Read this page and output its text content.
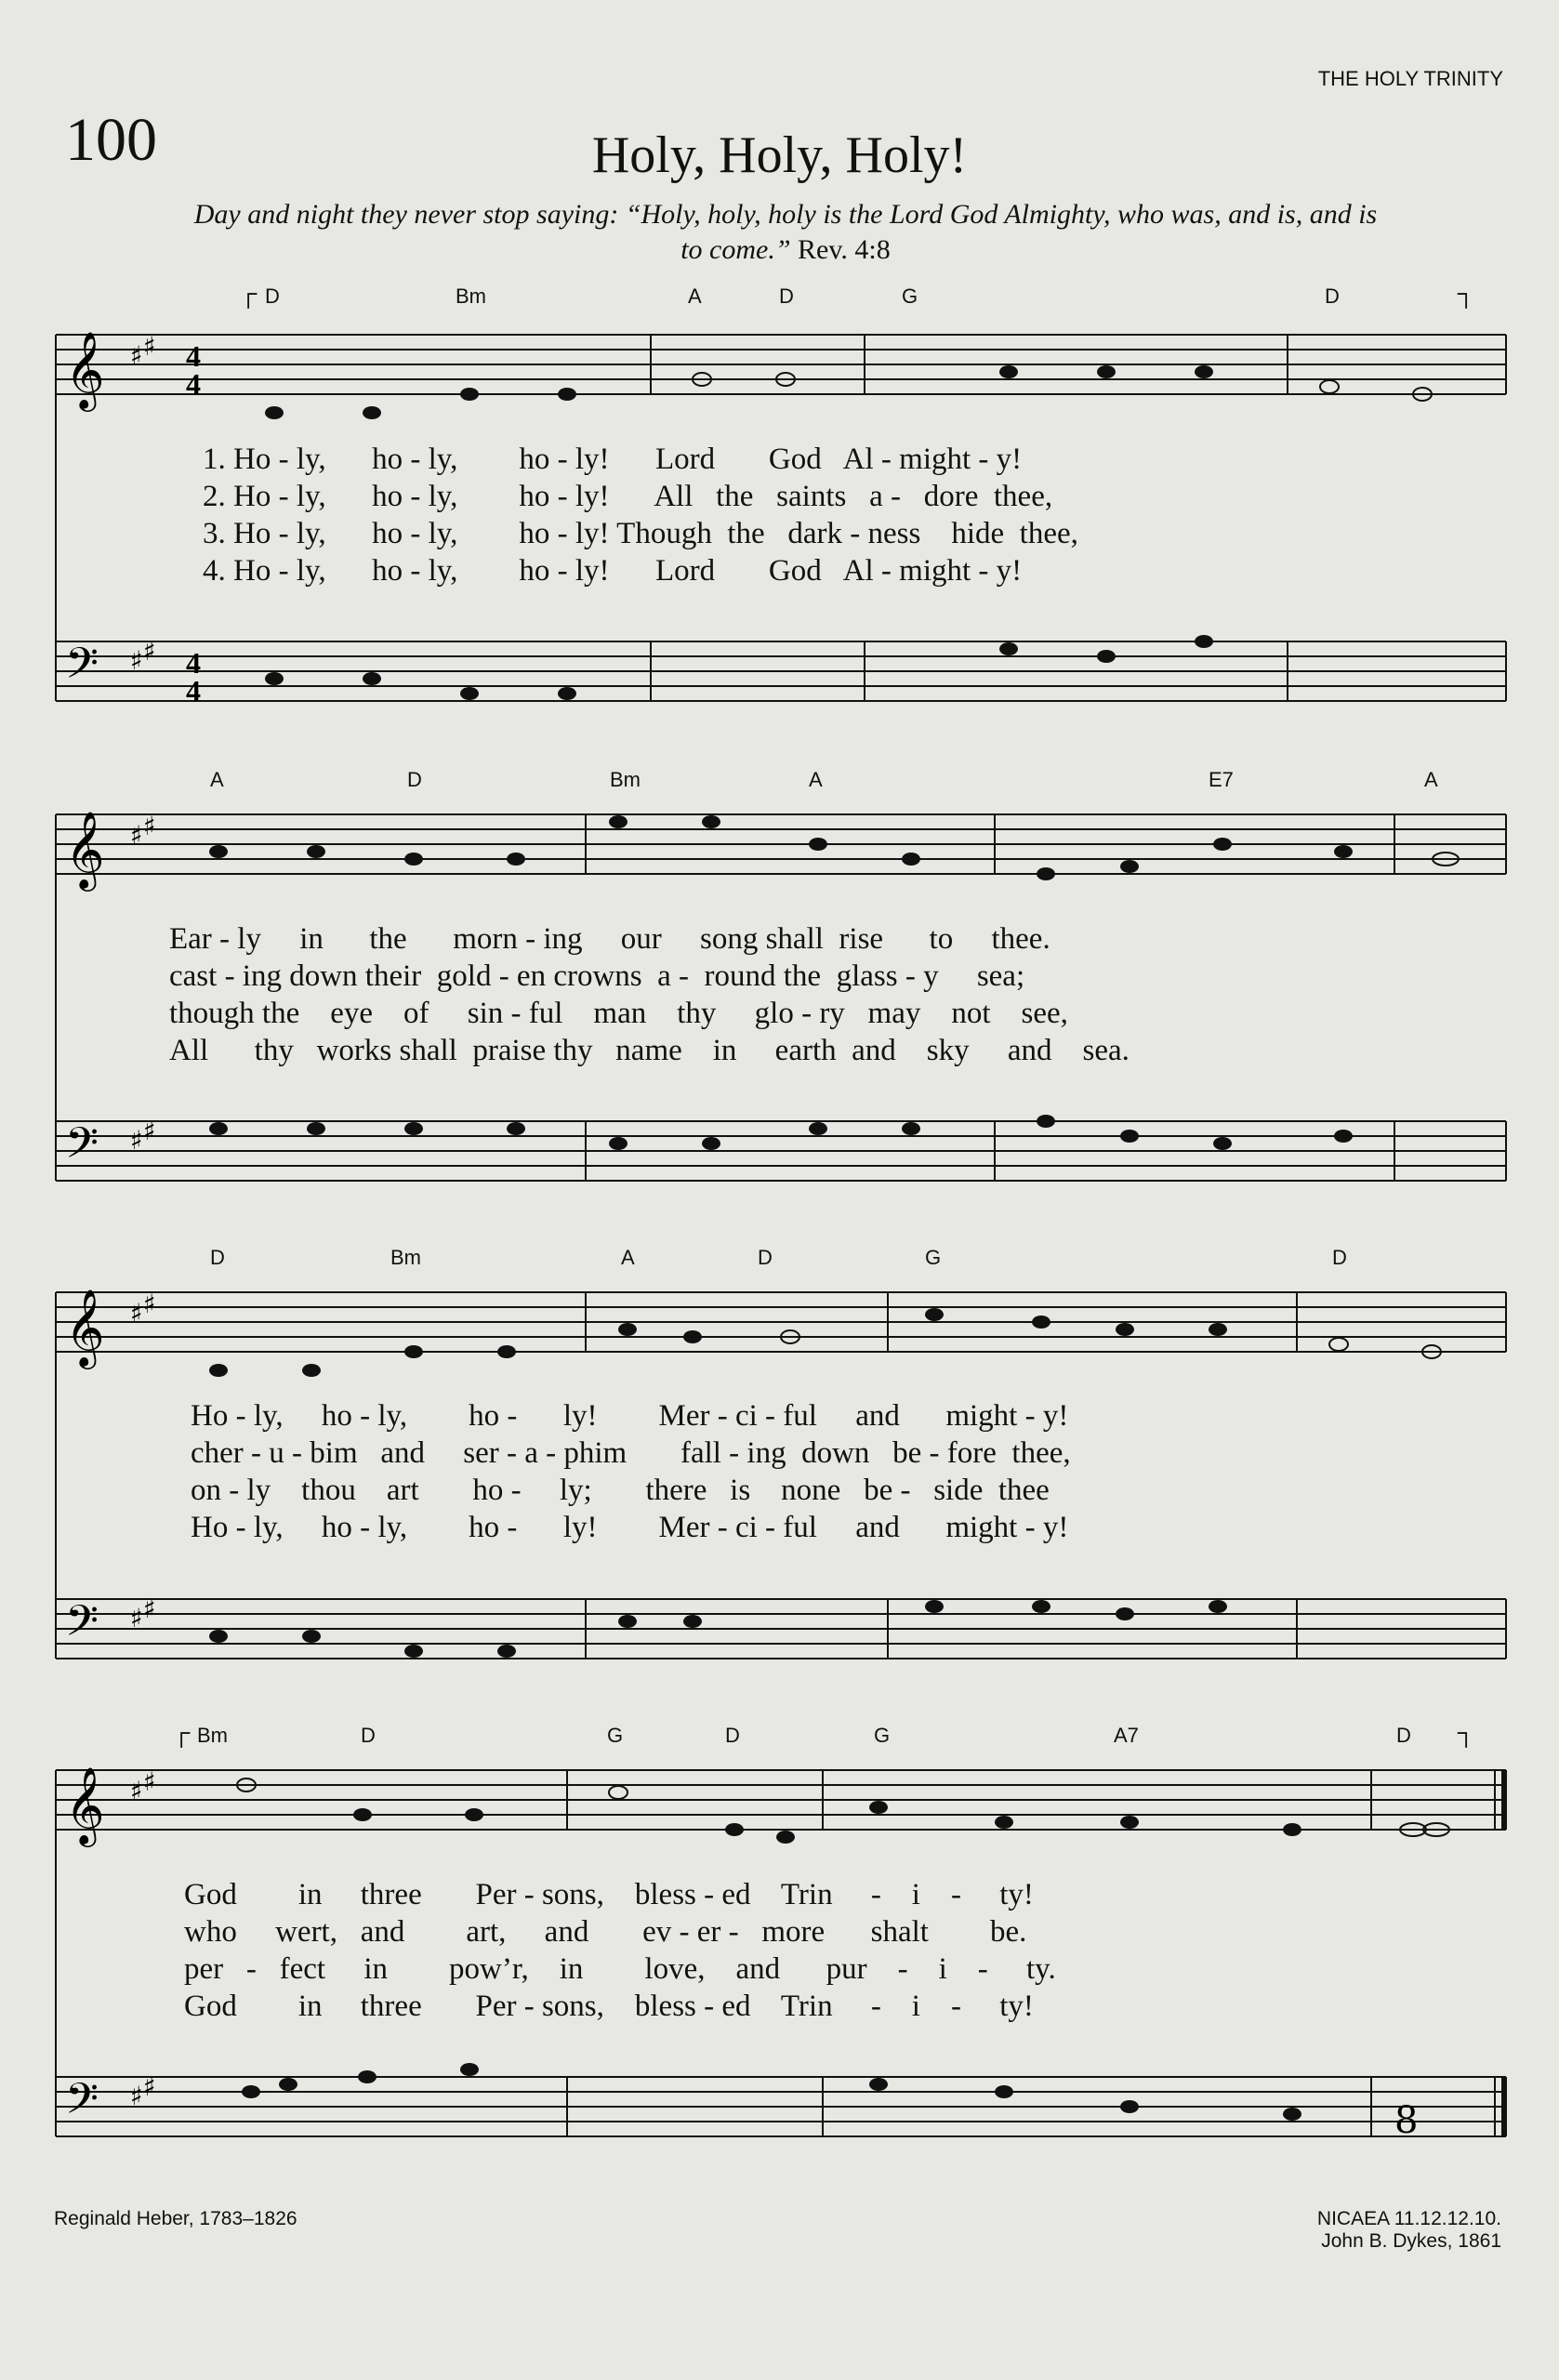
THE HOLY TRINITY
100	Holy, Holy, Holy!
Day and night they never stop saying: “Holy, holy, holy is the Lord God Almighty, who was, and is, and is to come.” Rev. 4:8
┌	┐
D	Bm	A	D	G	D
𝄞 ♯ ♯ 4
4
𝄢 ♯ ♯ 4
4
1. Ho - ly,      ho - ly,        ho - ly!      Lord       God   Al - might - y!
2. Ho - ly,      ho - ly,        ho - ly!      All   the   saints   a -   dore  thee,
3. Ho - ly,      ho - ly,        ho - ly! Though  the   dark - ness    hide  thee,
4. Ho - ly,      ho - ly,        ho - ly!      Lord       God   Al - might - y!
A	D	Bm	A	E7	A
𝄞 ♯ ♯
𝄢 ♯ ♯
Ear - ly     in      the      morn - ing     our     song shall  rise      to     thee.
cast - ing down their  gold - en crowns  a -  round the  glass - y     sea;
though the    eye    of     sin - ful    man    thy     glo - ry   may    not    see,
All      thy   works shall  praise thy   name    in     earth  and    sky     and    sea.
D	Bm	A	D	G	D
𝄞 ♯ ♯
𝄢 ♯ ♯
Ho - ly,     ho - ly,        ho -      ly!        Mer - ci - ful     and      might - y!
cher - u - bim   and     ser - a - phim       fall - ing  down   be - fore  thee,
on - ly    thou    art       ho -     ly;       there   is    none   be -   side  thee
Ho - ly,     ho - ly,        ho -      ly!        Mer - ci - ful     and      might - y!
┌	┐
Bm	D	G	D	G	A7	D
𝄞 ♯ ♯
𝄢 ♯ ♯
8
God        in     three       Per - sons,    bless - ed    Trin     -    i    -     ty!
who     wert,   and        art,     and       ev - er -   more      shalt        be.
per   -   fect     in        pow’r,    in        love,    and      pur    -    i    -     ty.
God        in     three       Per - sons,    bless - ed    Trin     -    i    -     ty!
Reginald Heber, 1783–1826	NICAEA 11.12.12.10.
John B. Dykes, 1861
